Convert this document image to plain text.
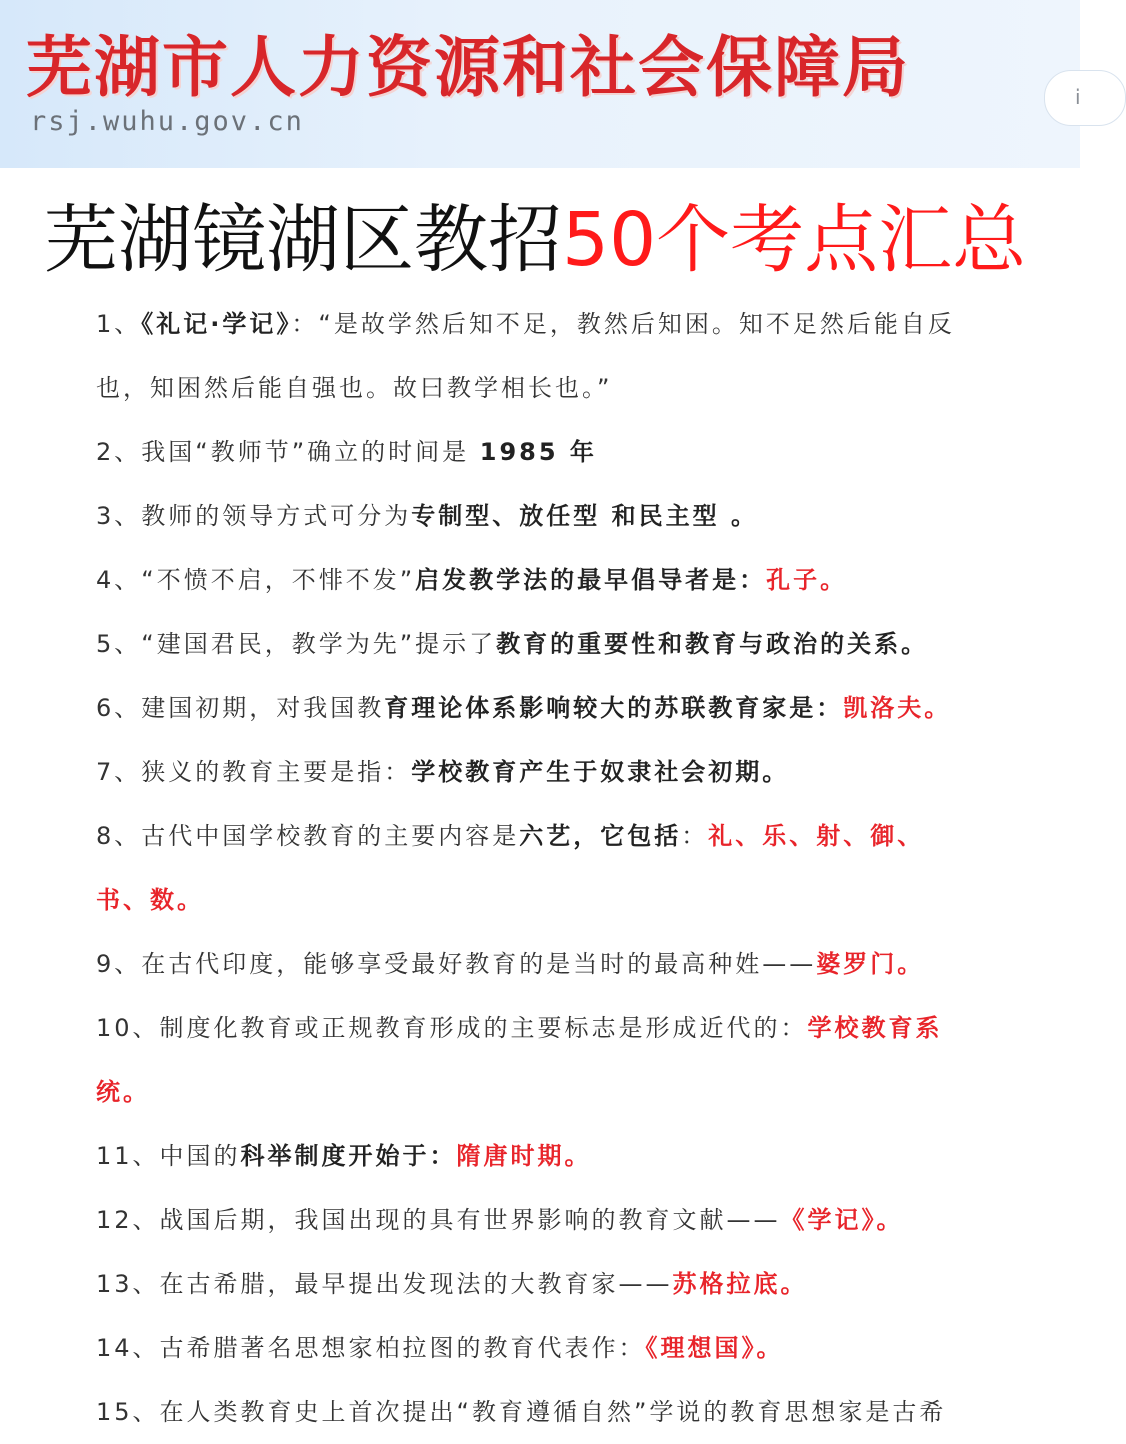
芜湖市人力资源和社会保障局
rsj.wuhu.gov.cn
i
芜湖镜湖区教招50个考点汇总

1、《礼记·学记》：“是故学然后知不足，教然后知困。知不足然后能自反也，知困然后能自强也。故曰教学相长也。”

2、我国“教师节”确立的时间是 1985 年

3、教师的领导方式可分为专制型、放任型 和民主型 。

4、“不愤不启，不悱不发”启发教学法的最早倡导者是：孔子。

5、“建国君民，教学为先”提示了教育的重要性和教育与政治的关系。

6、建国初期，对我国教育理论体系影响较大的苏联教育家是：凯洛夫。

7、狭义的教育主要是指：学校教育产生于奴隶社会初期。

8、古代中国学校教育的主要内容是六艺，它包括：礼、乐、射、御、书、数。

9、在古代印度，能够享受最好教育的是当时的最高种姓——婆罗门。

10、制度化教育或正规教育形成的主要标志是形成近代的：学校教育系统。

11、中国的科举制度开始于：隋唐时期。

12、战国后期，我国出现的具有世界影响的教育文献——《学记》。

13、在古希腊，最早提出发现法的大教育家——苏格拉底。

14、古希腊著名思想家柏拉图的教育代表作：《理想国》。

15、在人类教育史上首次提出“教育遵循自然”学说的教育思想家是古希
